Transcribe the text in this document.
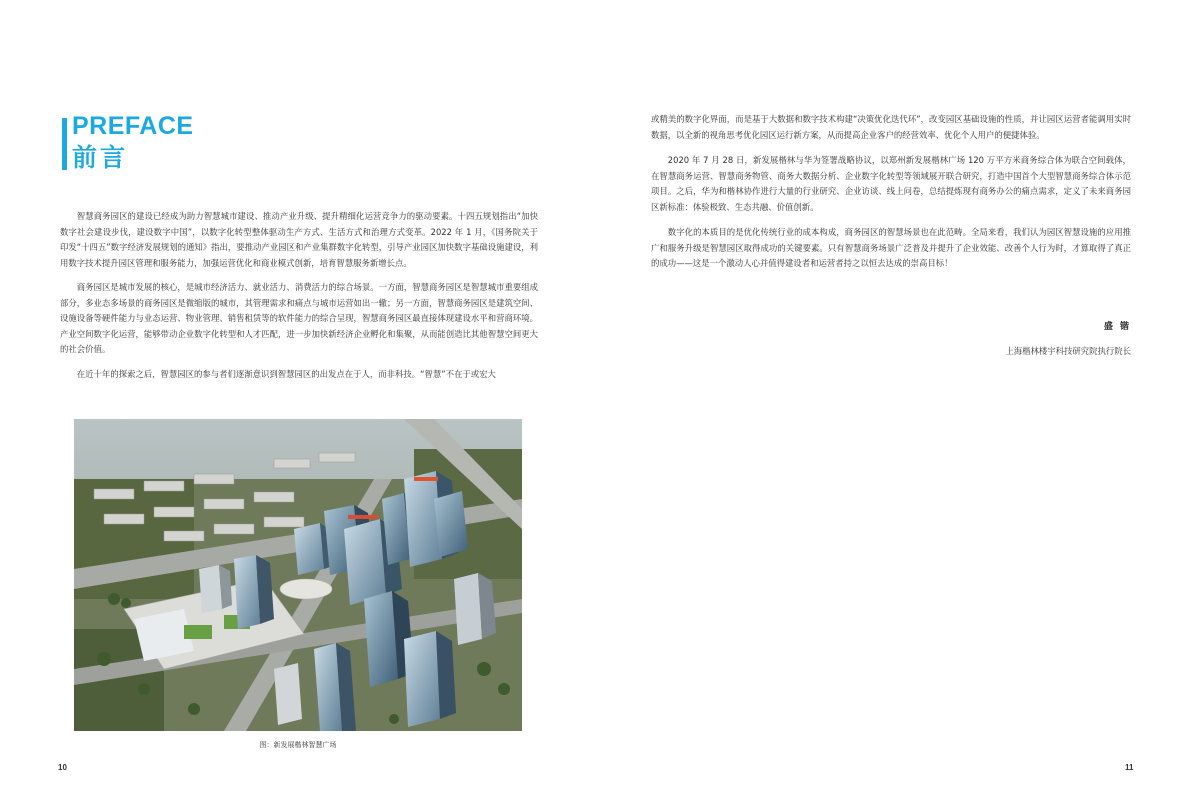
PREFACE
前言

智慧商务园区的建设已经成为助力智慧城市建设、推动产业升级、提升精细化运营竞争力的驱动要素。十四五规划指出“加快数字社会建设步伐，建设数字中国”，以数字化转型整体驱动生产方式、生活方式和治理方式变革。2022 年 1 月，《国务院关于印发“十四五”数字经济发展规划的通知》指出，要推动产业园区和产业集群数字化转型，引导产业园区加快数字基础设施建设，利用数字技术提升园区管理和服务能力，加强运营优化和商业模式创新，培育智慧服务新增长点。

商务园区是城市发展的核心，是城市经济活力、就业活力、消费活力的综合场景。一方面，智慧商务园区是智慧城市重要组成部分，多业态多场景的商务园区是微缩版的城市，其管理需求和痛点与城市运营如出一辙；另一方面，智慧商务园区是建筑空间、设施设备等硬件能力与业态运营、物业管理、销售租赁等的软件能力的综合呈现，智慧商务园区最直接体现建设水平和营商环境。产业空间数字化运营，能够带动企业数字化转型和人才匹配，进一步加快新经济企业孵化和集聚，从而能创造比其他智慧空间更大的社会价值。

在近十年的探索之后，智慧园区的参与者们逐渐意识到智慧园区的出发点在于人，而非科技。“智慧”不在于或宏大

图：新发展楷林智慧广场
10

或精美的数字化界面，而是基于大数据和数字技术构建“决策优化迭代环”，改变园区基础设施的性质，并让园区运营者能调用实时数据，以全新的视角思考优化园区运行新方案，从而提高企业客户的经营效率、优化个人用户的便捷体验。

2020 年 7 月 28 日，新发展楷林与华为签署战略协议，以郑州新发展楷林广场 120 万平方米商务综合体为联合空间载体，在智慧商务运营、智慧商务物管、商务大数据分析、企业数字化转型等领域展开联合研究，打造中国首个大型智慧商务综合体示范项目。之后，华为和楷林协作进行大量的行业研究、企业访谈、线上问卷，总结提炼现有商务办公的痛点需求，定义了未来商务园区新标准：体验极致、生态共融、价值创新。

数字化的本质目的是优化传统行业的成本构成，商务园区的智慧场景也在此范畴。全局来看，我们认为园区智慧设施的应用推广和服务升级是智慧园区取得成功的关键要素。只有智慧商务场景广泛普及并提升了企业效能、改善个人行为时，才算取得了真正的成功——这是一个激动人心并值得建设者和运营者持之以恒去达成的崇高目标！

盛 锴
上海楷林楼宇科技研究院执行院长
11
